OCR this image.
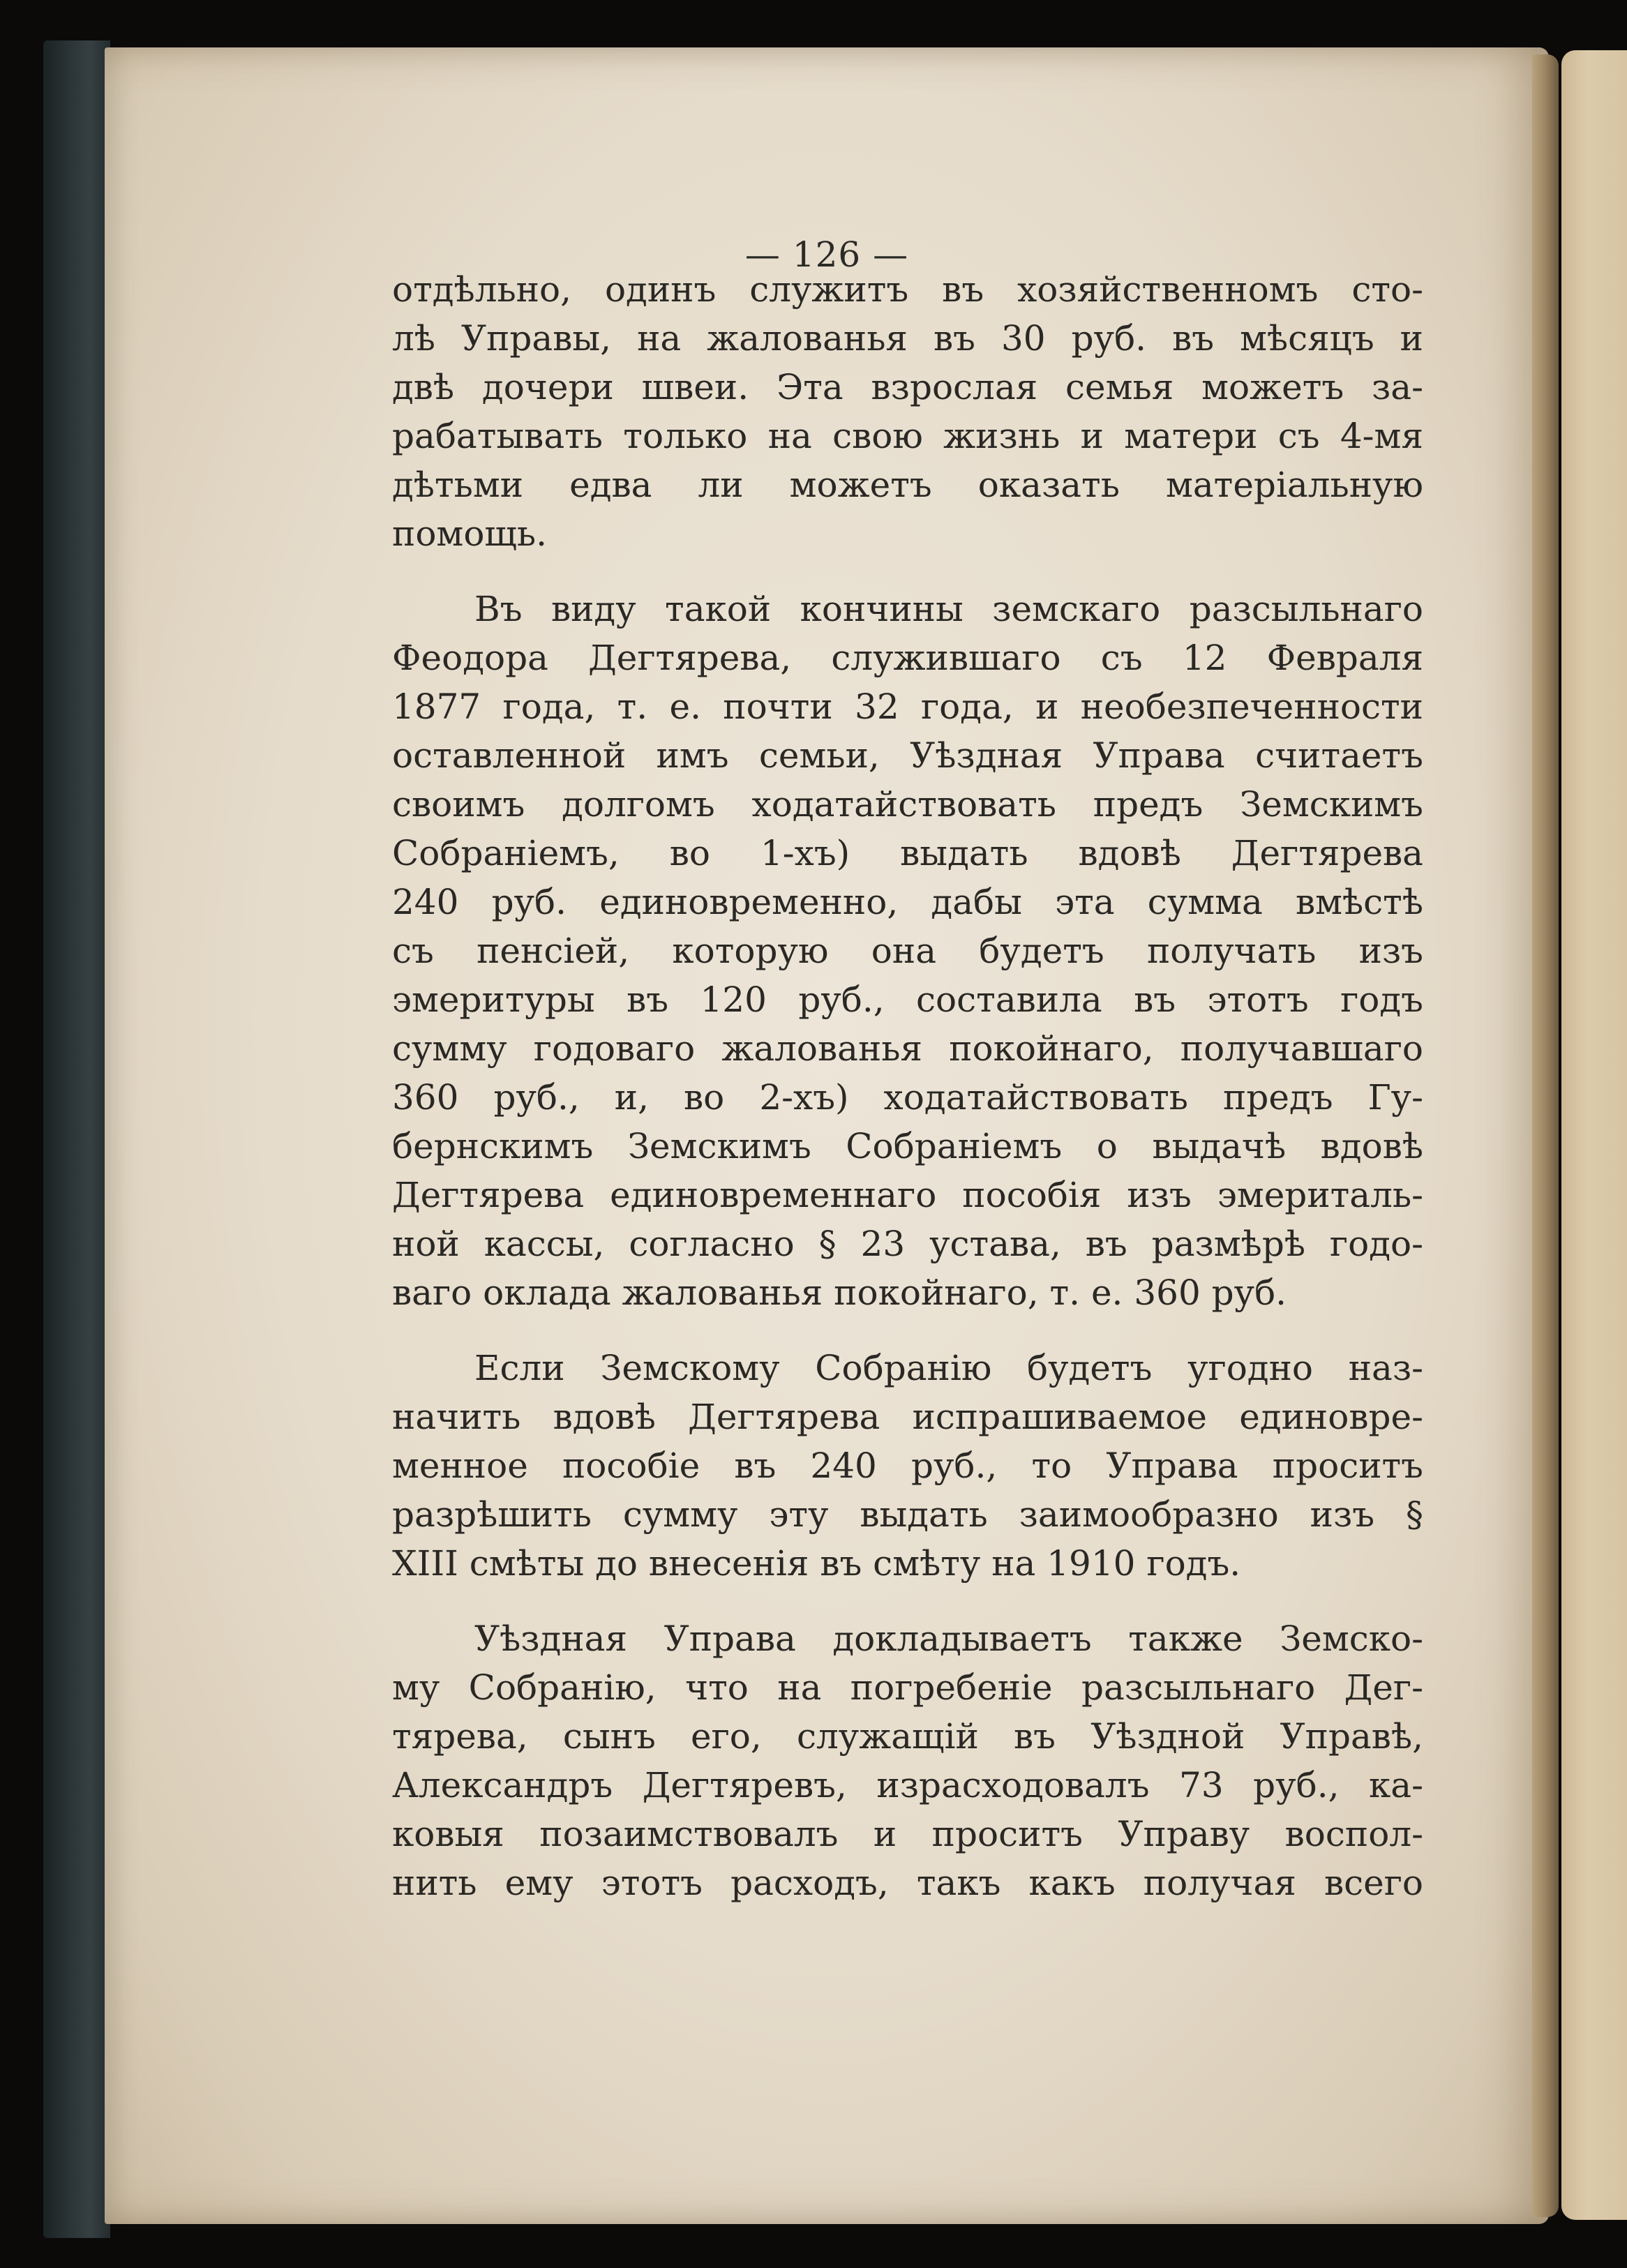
— 126 —
отдѣльно, одинъ служитъ въ хозяйственномъ сто-
лѣ Управы, на жалованья въ 30 руб. въ мѣсяцъ и
двѣ дочери швеи. Эта взрослая семья можетъ за-
рабатывать только на свою жизнь и матери съ 4-мя
дѣтьми едва ли можетъ оказать матеріальную
помощь.
Въ виду такой кончины земскаго разсыльнаго
Феодора Дегтярева, служившаго съ 12 Февраля
1877 года, т. е. почти 32 года, и необезпеченности
оставленной имъ семьи, Уѣздная Управа считаетъ
своимъ долгомъ ходатайствовать предъ Земскимъ
Собраніемъ, во 1-хъ) выдать вдовѣ Дегтярева
240 руб. единовременно, дабы эта сумма вмѣстѣ
съ пенсіей, которую она будетъ получать изъ
эмеритуры въ 120 руб., составила въ этотъ годъ
сумму годоваго жалованья покойнаго, получавшаго
360 руб., и, во 2-хъ) ходатайствовать предъ Гу-
бернскимъ Земскимъ Собраніемъ о выдачѣ вдовѣ
Дегтярева единовременнаго пособія изъ эмериталь-
ной кассы, согласно § 23 устава, въ размѣрѣ годо-
ваго оклада жалованья покойнаго, т. е. 360 руб.
Если Земскому Собранію будетъ угодно наз-
начить вдовѣ Дегтярева испрашиваемое единовре-
менное пособіе въ 240 руб., то Управа проситъ
разрѣшить сумму эту выдать заимообразно изъ §
XIII смѣты до внесенія въ смѣту на 1910 годъ.
Уѣздная Управа докладываетъ также Земско-
му Собранію, что на погребеніе разсыльнаго Дег-
тярева, сынъ его, служащій въ Уѣздной Управѣ,
Александръ Дегтяревъ, израсходовалъ 73 руб., ка-
ковыя позаимствовалъ и проситъ Управу воспол-
нить ему этотъ расходъ, такъ какъ получая всего
